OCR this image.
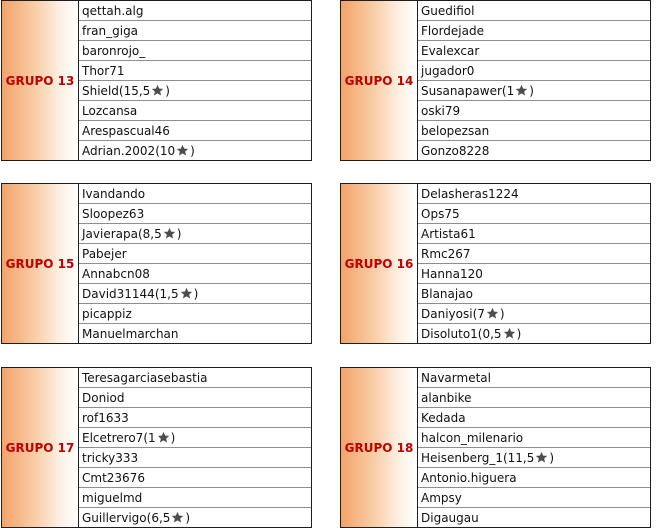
GRUPO 13
qettah.alg
fran_giga
baronrojo_
Thor71
Shield ( 15,5 )
Lozcansa
Arespascual46
Adrian.2002 ( 10 )
GRUPO 14
Guedifiol
Flordejade
Evalexcar
jugador0
Susanapawer ( 1 )
oski79
belopezsan
Gonzo8228
GRUPO 15
Ivandando
Sloopez63
Javierapa ( 8,5 )
Pabejer
Annabcn08
David31144 ( 1,5 )
picappiz
Manuelmarchan
GRUPO 16
Delasheras1224
Ops75
Artista61
Rmc267
Hanna120
Blanajao
Daniyosi ( 7 )
Disoluto1 ( 0,5 )
GRUPO 17
Teresagarciasebastia
Doniod
rof1633
Elcetrero7 ( 1 )
tricky333
Cmt23676
miguelmd
Guillervigo ( 6,5 )
GRUPO 18
Navarmetal
alanbike
Kedada
halcon_milenario
Heisenberg_1 ( 11,5 )
Antonio.higuera
Ampsy
Digaugau
